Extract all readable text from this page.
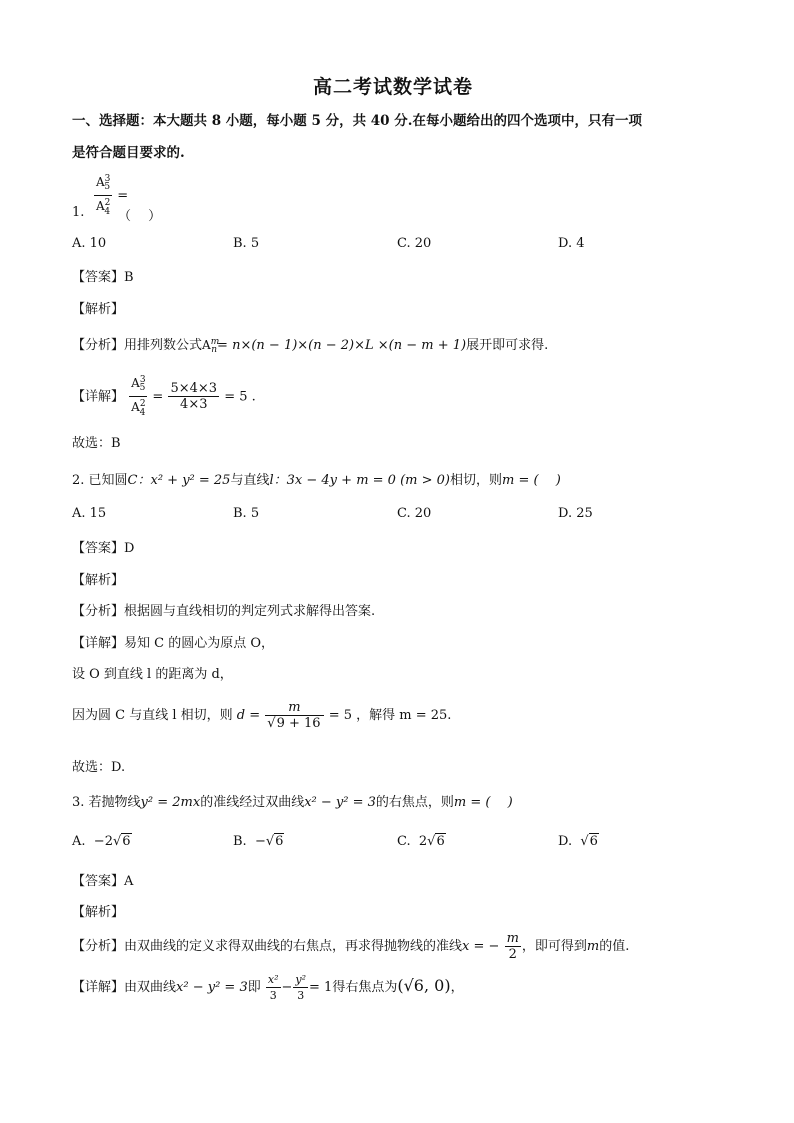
高二考试数学试卷
一、选择题：本大题共 8 小题，每小题 5 分，共 40 分.在每小题给出的四个选项中，只有一项
是符合题目要求的.
$\frac{A^3_5}{A^2_4}$ =
1.	（　 ）
A. 10	B. 5	C. 20	D. 4
【答案】B
【解析】
【分析】用排列数公式$A^m_n= n\times(n - 1)\times(n - 2)\times L \times(n - m + 1)$展开即可求得.
【详解】 $\frac{A^3_5}{A^2_4} = \frac{5\times 4\times 3}{4\times 3} = 5$ .
故选：B
2. 已知圆C：x² + y² = 25与直线l：3x − 4y + m = 0 (m > 0)相切，则m = (　 )
A. 15	B. 5	C. 20	D. 25
【答案】D
【解析】
【分析】根据圆与直线相切的判定列式求解得出答案.
【详解】易知 C 的圆心为原点 O，
设 O 到直线 l 的距离为 d，
因为圆 C 与直线 l 相切，则 $d = \frac{m}{√9 + 16} = 5$ ，解得 m = 25.
故选：D.
3. 若抛物线y² = 2mx的准线经过双曲线x² − y² = 3的右焦点，则m = (　 )
A. −2√6	B. −√6	C. 2√6	D.  √6
【答案】A
【解析】
【分析】由双曲线的定义求得双曲线的右焦点，再求得抛物线的准线x = − $\frac{m}{2}$ ，即可得到m的值.
【详解】由双曲线x² − y² = 3即 $\frac{\text{x²}}{3} - \frac{\text{y²}}{3} = 1$得右焦点为(√6, 0)，
